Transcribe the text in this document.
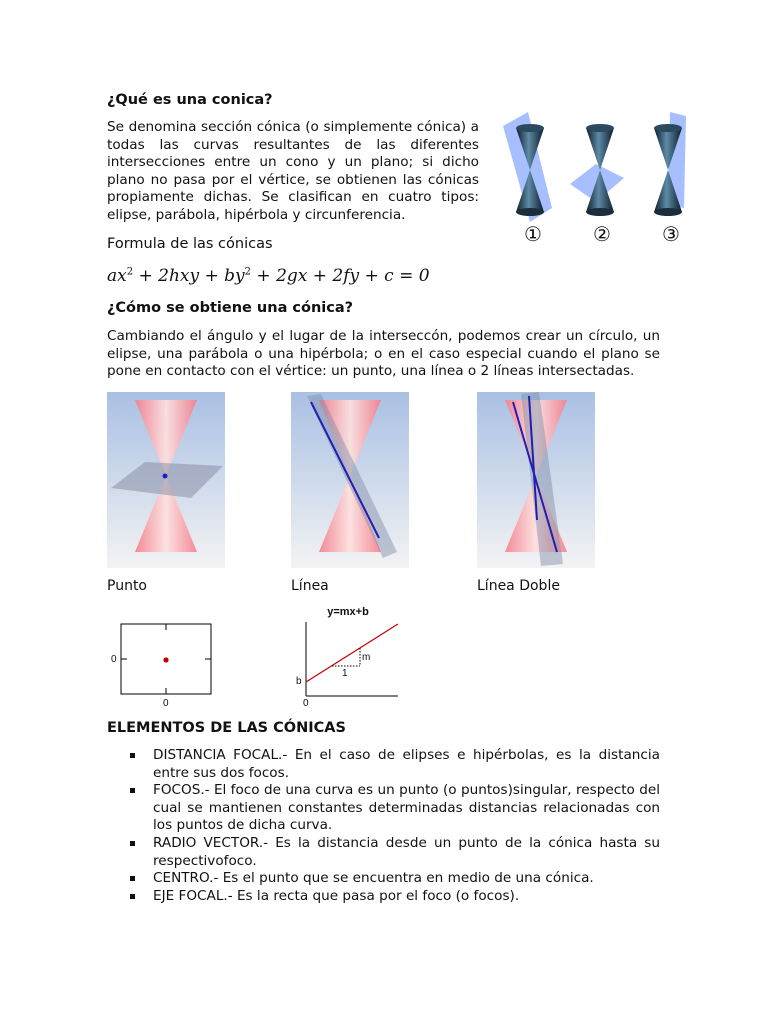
¿Qué es una conica?

Se denomina sección cónica (o simplemente cónica) a todas las curvas resultantes de las diferentes intersecciones entre un cono y un plano; si dicho plano no pasa por el vértice, se obtienen las cónicas propiamente dichas. Se clasifican en cuatro tipos: elipse, parábola, hipérbola y circunferencia.

①	②	③
Formula de las cónicas
$ax^2 + 2hxy + by^2 + 2gx + 2fy + c = 0$
¿Cómo se obtiene una cónica?

Cambiando el ángulo y el lugar de la interseccón, podemos crear un círculo, un elipse, una parábola o una hipérbola; o en el caso especial cuando el plano se pone en contacto con el vértice: un punto, una línea o 2 líneas intersectadas.

Punto	Línea	Línea Doble
0
0
y=mx+b
b
m
1
0
ELEMENTOS DE LAS CÓNICAS
DISTANCIA FOCAL.- En el caso de elipses e hipérbolas, es la distancia entre sus dos focos.
FOCOS.- El foco de una curva es un punto (o puntos)singular, respecto del cual se mantienen constantes determinadas distancias relacionadas con los puntos de dicha curva.
RADIO VECTOR.- Es la distancia desde un punto de la cónica hasta su respectivofoco.
CENTRO.- Es el punto que se encuentra en medio de una cónica.
EJE FOCAL.- Es la recta que pasa por el foco (o focos).
